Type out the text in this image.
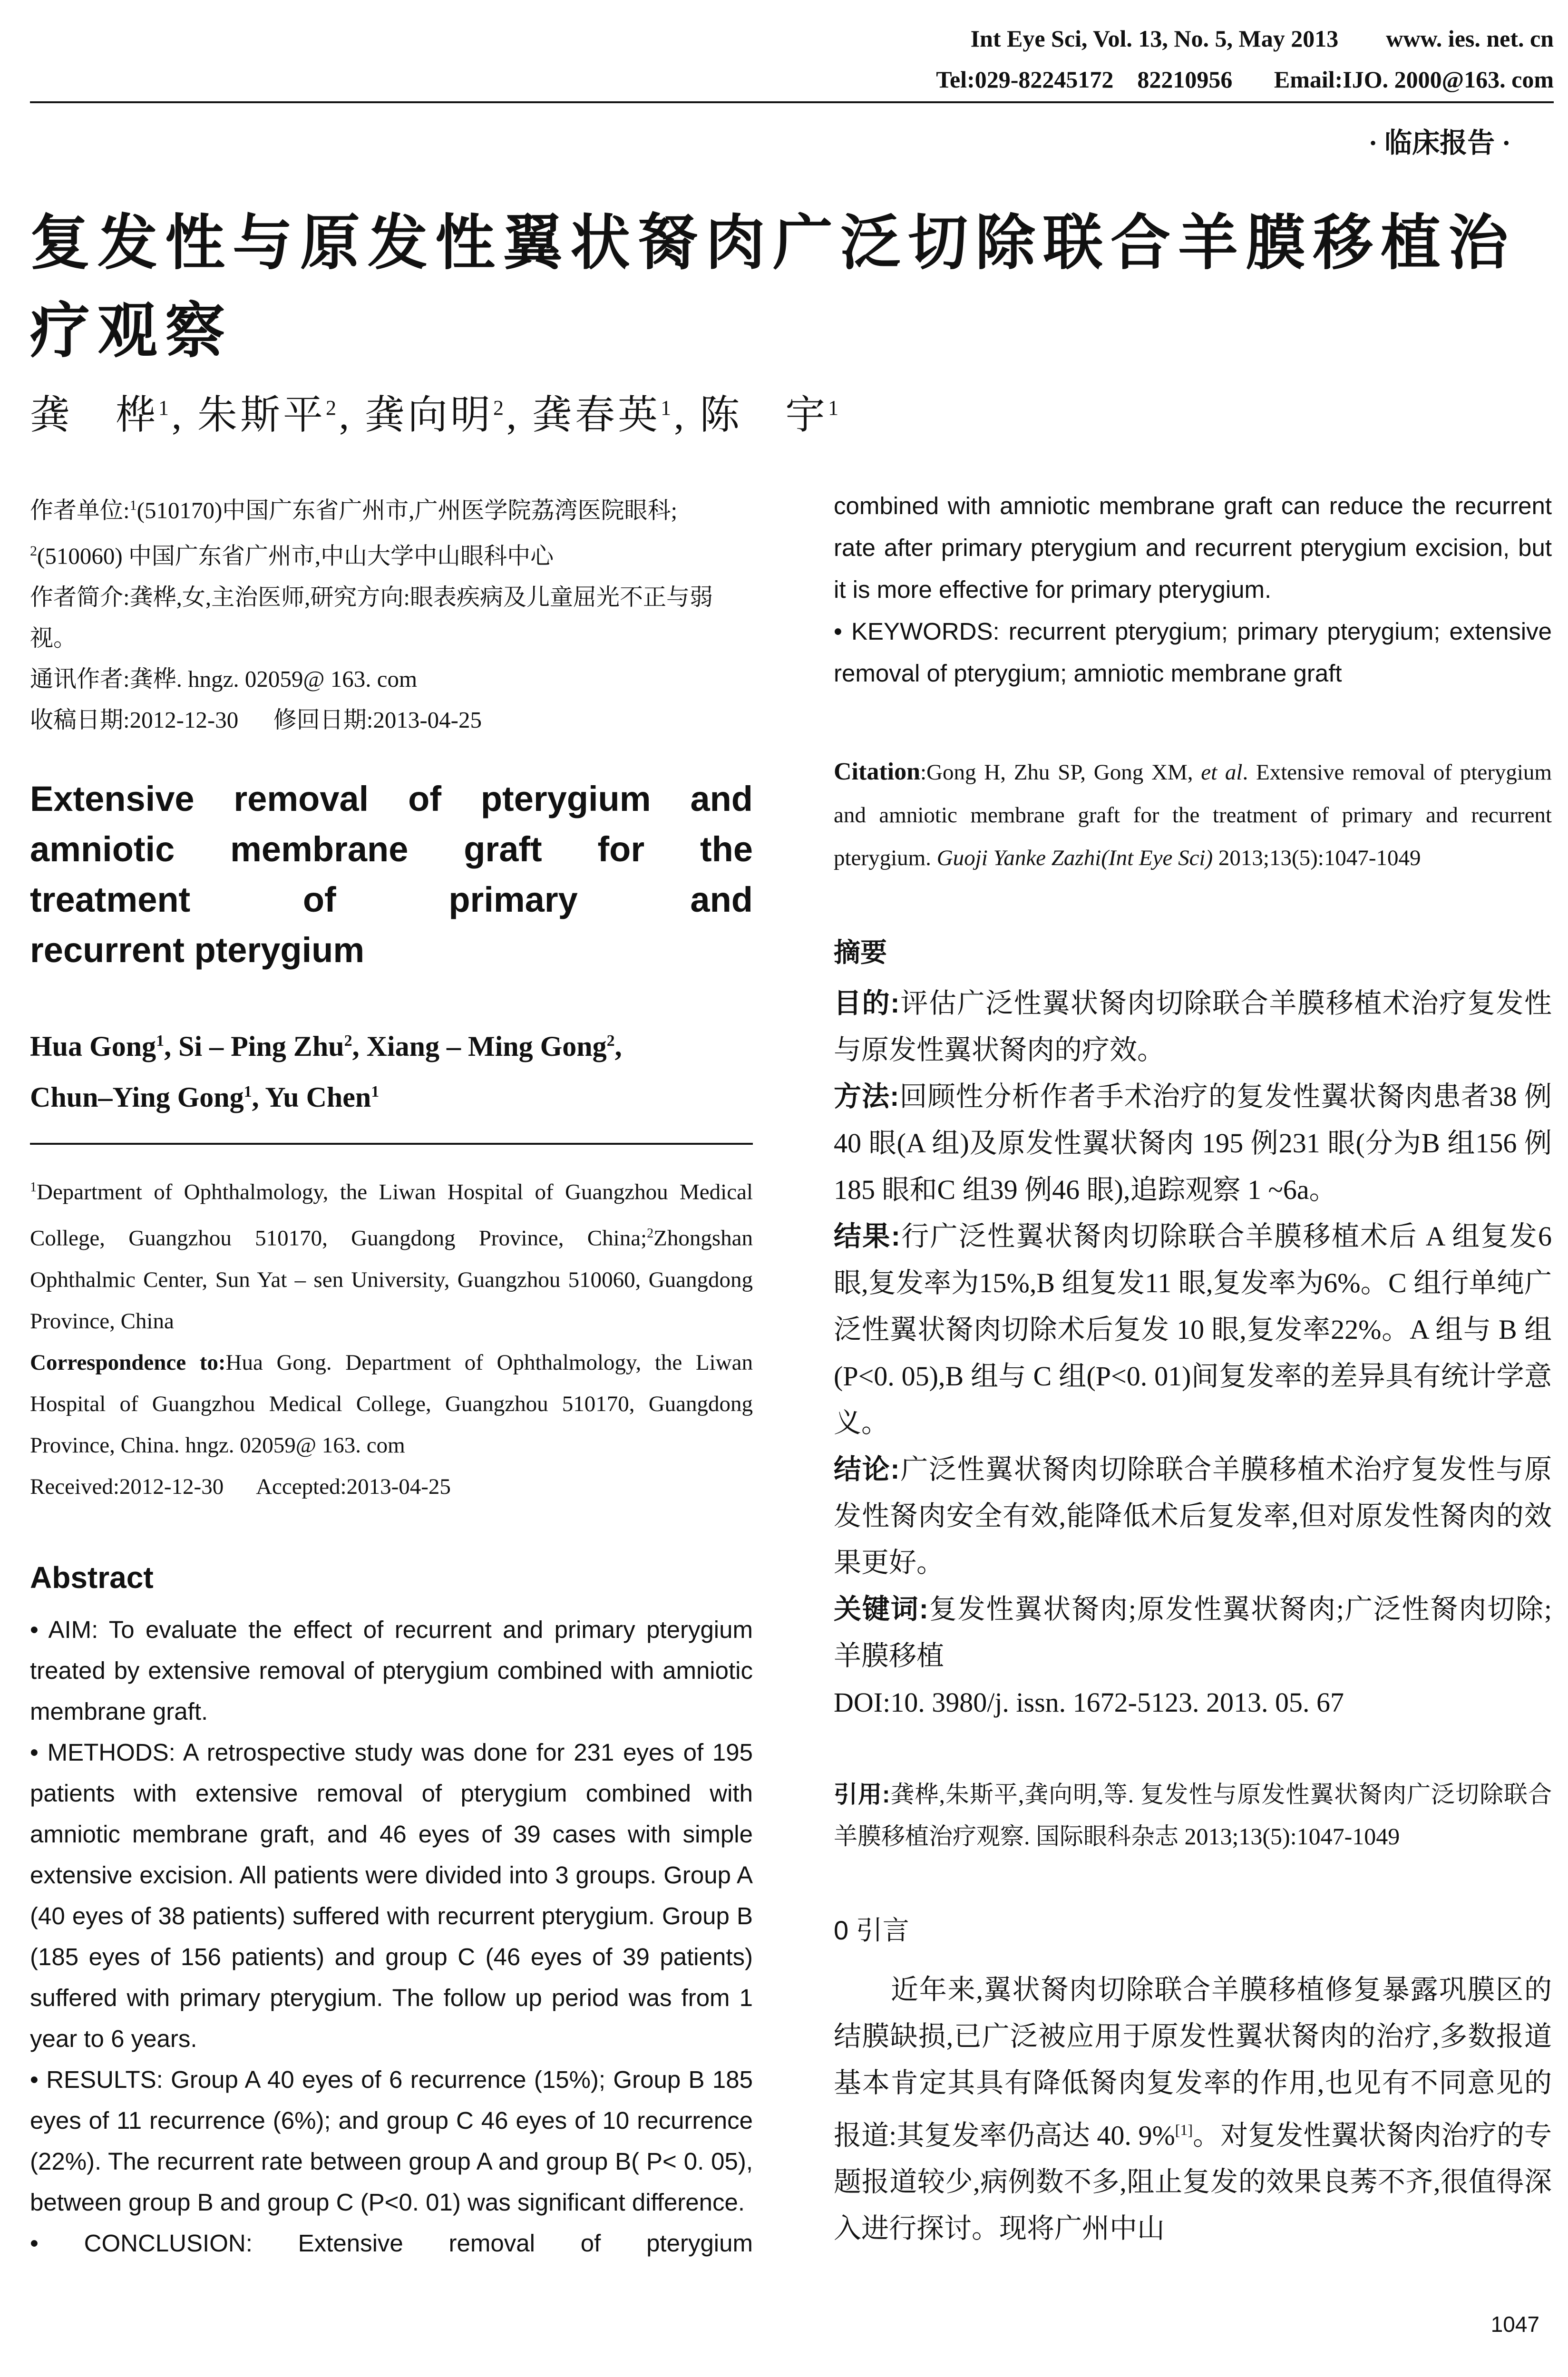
Int Eye Sci, Vol. 13, No. 5, May 2013        www. ies. net. cn
Tel:029-82245172    82210956       Email:IJO. 2000@163. com
· 临床报告 ·
复发性与原发性翼状胬肉广泛切除联合羊膜移植治疗观察
龚　桦$^1$, 朱斯平$^2$, 龚向明$^2$, 龚春英$^1$, 陈　宇$^1$

作者单位:$^1$(510170)中国广东省广州市,广州医学院荔湾医院眼科; $^2$(510060) 中国广东省广州市,中山大学中山眼科中心

作者简介:龚桦,女,主治医师,研究方向:眼表疾病及儿童屈光不正与弱视。

通讯作者:龚桦. hngz. 02059@ 163. com

收稿日期:2012-12-30      修回日期:2013-04-25

Extensive removal of pterygium and
amniotic membrane graft for the
treatment of primary and
recurrent pterygium
Hua Gong$^1$, Si – Ping Zhu$^2$, Xiang – Ming Gong$^2$,
Chun–Ying Gong$^1$, Yu Chen$^1$

$^1$Department of Ophthalmology, the Liwan Hospital of Guangzhou Medical College, Guangzhou 510170, Guangdong Province, China;$^2$Zhongshan Ophthalmic Center, Sun Yat – sen University, Guangzhou 510060, Guangdong Province, China

Correspondence to:Hua Gong. Department of Ophthalmology, the Liwan Hospital of Guangzhou Medical College, Guangzhou 510170, Guangdong Province, China. hngz. 02059@ 163. com

Received:2012-12-30      Accepted:2013-04-25

Abstract

• AIM: To evaluate the effect of recurrent and primary pterygium treated by extensive removal of pterygium combined with amniotic membrane graft.

• METHODS: A retrospective study was done for 231 eyes of 195 patients with extensive removal of pterygium combined with amniotic membrane graft, and 46 eyes of 39 cases with simple extensive excision. All patients were divided into 3 groups. Group A (40 eyes of 38 patients) suffered with recurrent pterygium. Group B (185 eyes of 156 patients) and group C (46 eyes of 39 patients) suffered with primary pterygium. The follow up period was from 1 year to 6 years.

• RESULTS: Group A 40 eyes of 6 recurrence (15%); Group B 185 eyes of 11 recurrence (6%); and group C 46 eyes of 10 recurrence (22%). The recurrent rate between group A and group B( P< 0. 05), between group B and group C (P<0. 01) was significant difference.

• CONCLUSION: Extensive removal of pterygium

combined with amniotic membrane graft can reduce the recurrent rate after primary pterygium and recurrent pterygium excision, but it is more effective for primary pterygium.

• KEYWORDS: recurrent pterygium; primary pterygium; extensive removal of pterygium; amniotic membrane graft

Citation:Gong H, Zhu SP, Gong XM, et al. Extensive removal of pterygium and amniotic membrane graft for the treatment of primary and recurrent pterygium. Guoji Yanke Zazhi(Int Eye Sci) 2013;13(5):1047-1049
摘要

目的:评估广泛性翼状胬肉切除联合羊膜移植术治疗复发性与原发性翼状胬肉的疗效。

方法:回顾性分析作者手术治疗的复发性翼状胬肉患者38 例40 眼(A 组)及原发性翼状胬肉 195 例231 眼(分为B 组156 例185 眼和C 组39 例46 眼),追踪观察 1 ~6a。

结果:行广泛性翼状胬肉切除联合羊膜移植术后 A 组复发6 眼,复发率为15%,B 组复发11 眼,复发率为6%。C 组行单纯广泛性翼状胬肉切除术后复发 10 眼,复发率22%。A 组与 B 组(P<0. 05),B 组与 C 组(P<0. 01)间复发率的差异具有统计学意义。

结论:广泛性翼状胬肉切除联合羊膜移植术治疗复发性与原发性胬肉安全有效,能降低术后复发率,但对原发性胬肉的效果更好。

关键词:复发性翼状胬肉;原发性翼状胬肉;广泛性胬肉切除;羊膜移植

DOI:10. 3980/j. issn. 1672-5123. 2013. 05. 67

引用:龚桦,朱斯平,龚向明,等. 复发性与原发性翼状胬肉广泛切除联合羊膜移植治疗观察. 国际眼科杂志 2013;13(5):1047-1049
0 引言
近年来,翼状胬肉切除联合羊膜移植修复暴露巩膜区的结膜缺损,已广泛被应用于原发性翼状胬肉的治疗,多数报道基本肯定其具有降低胬肉复发率的作用,也见有不同意见的报道:其复发率仍高达 40. 9%[1]。对复发性翼状胬肉治疗的专题报道较少,病例数不多,阻止复发的效果良莠不齐,很值得深入进行探讨。现将广州中山
1047
